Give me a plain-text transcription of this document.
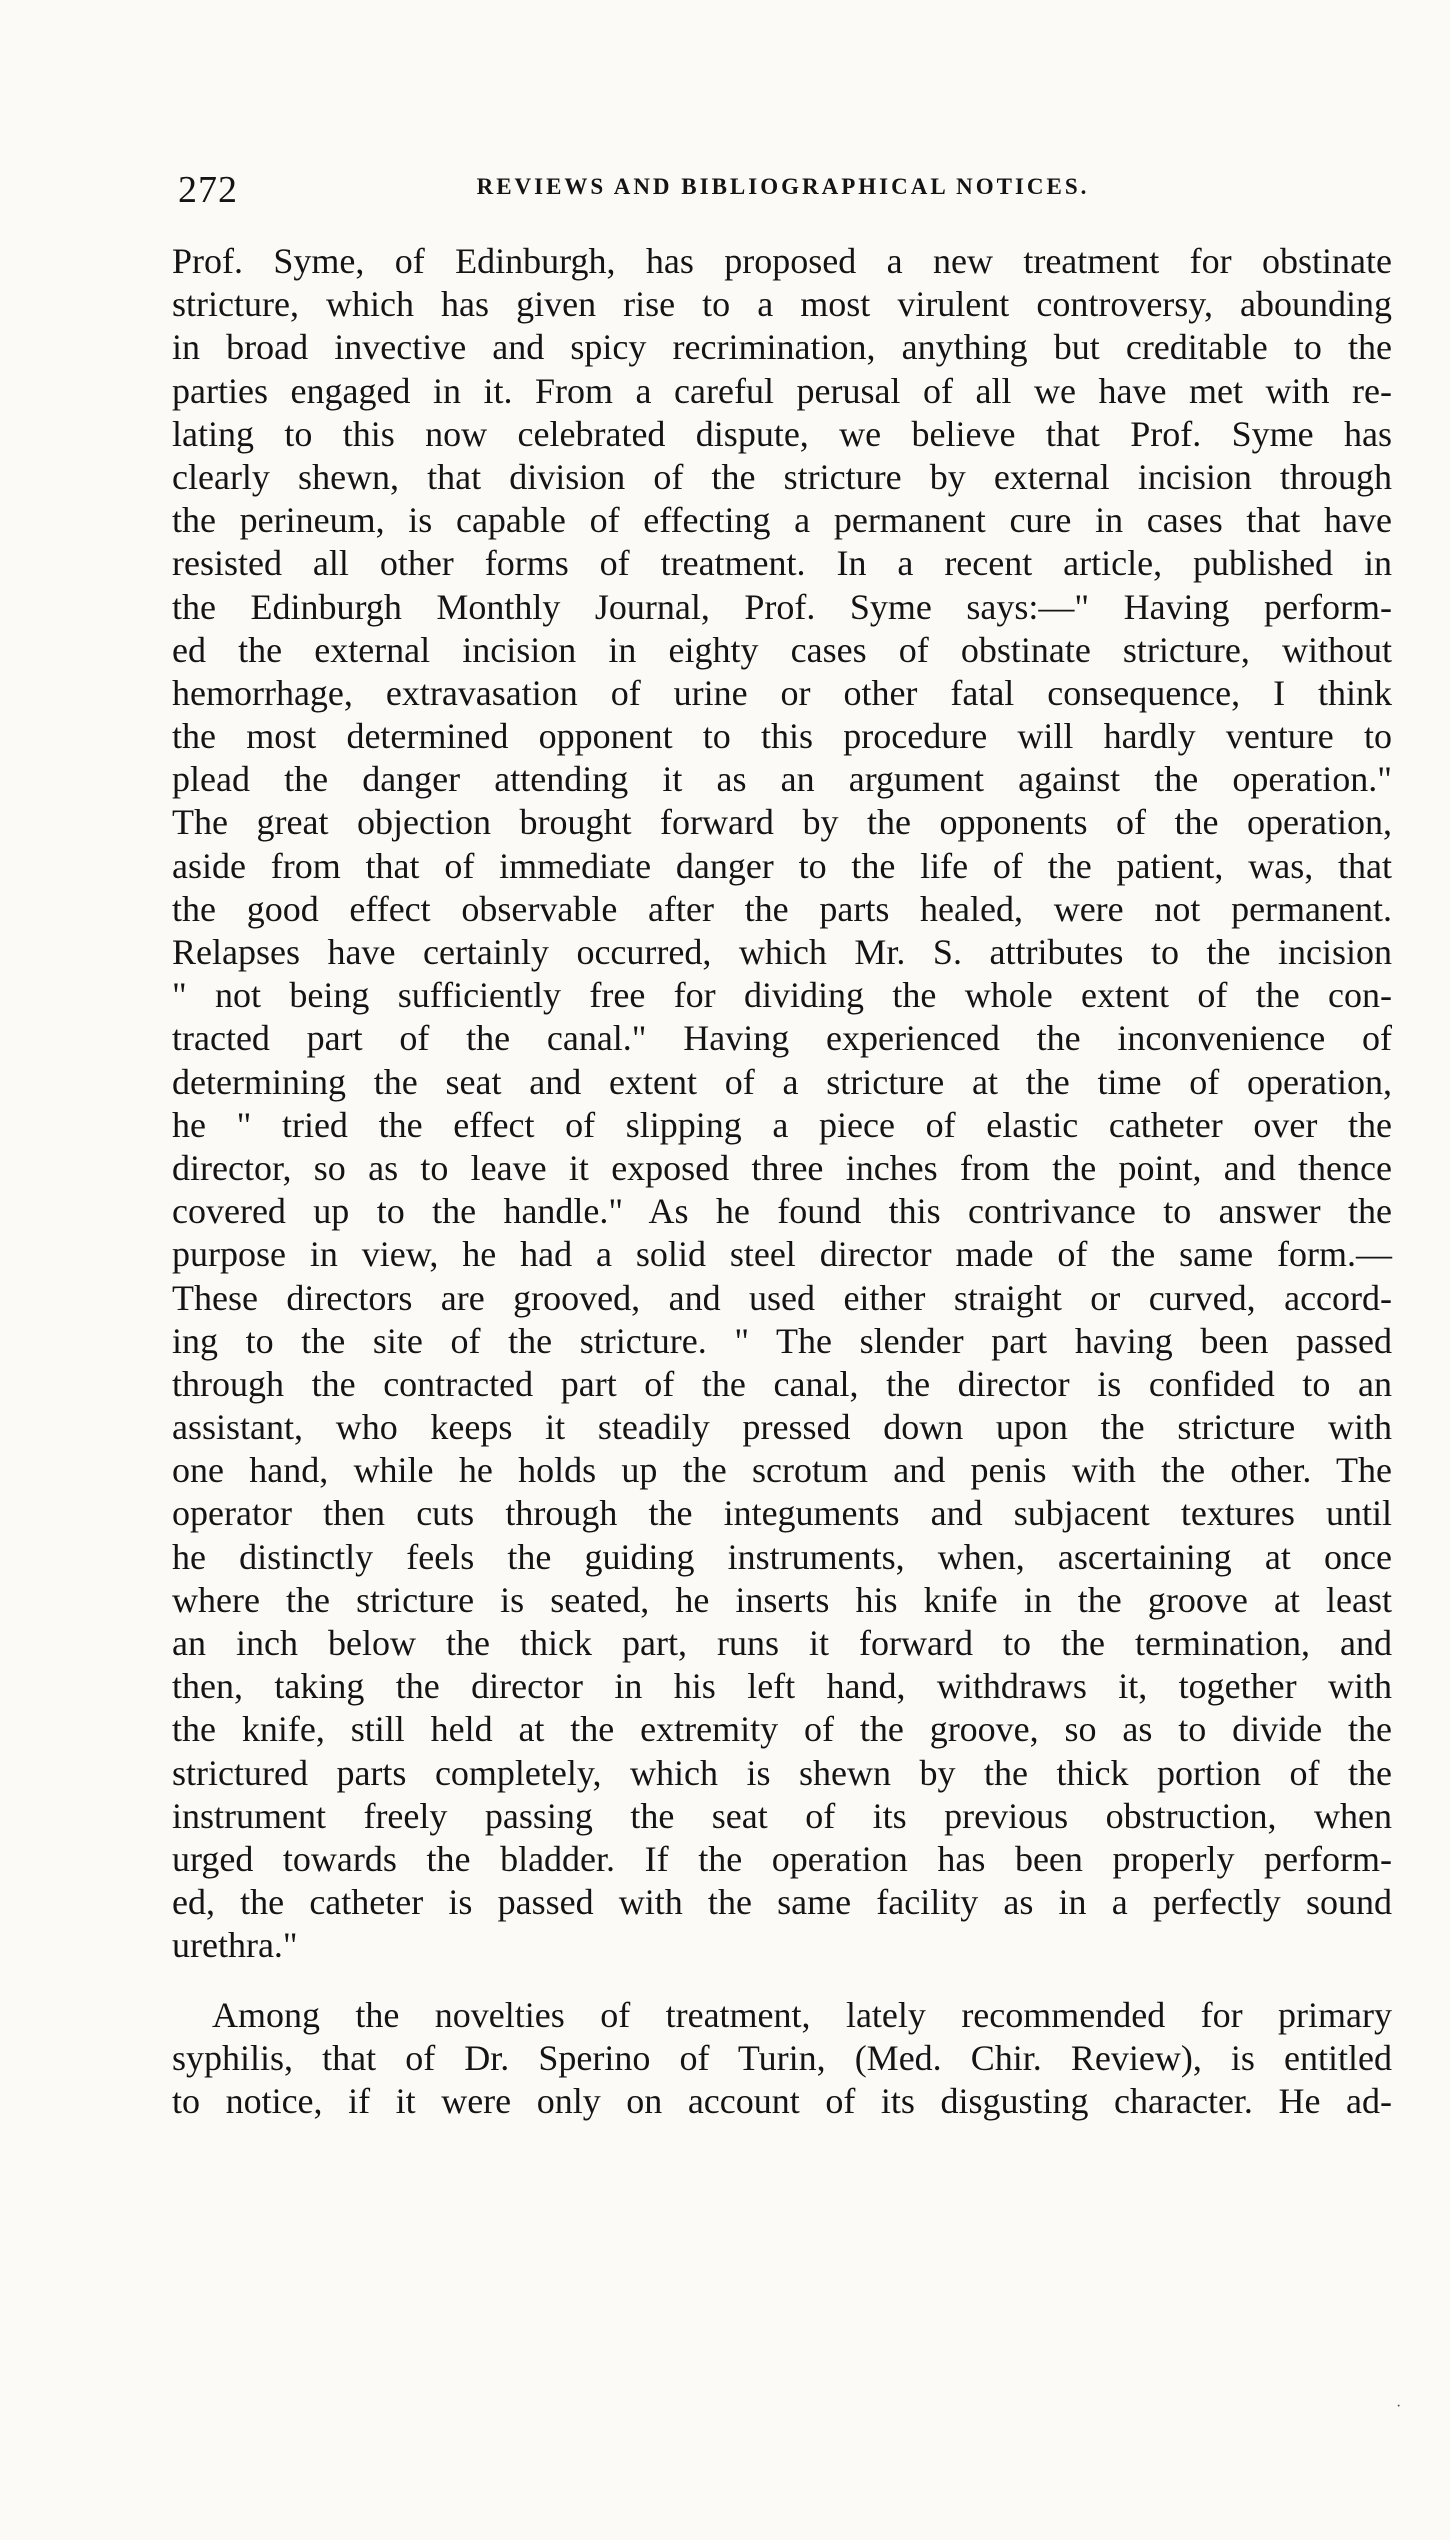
272	REVIEWS AND BIBLIOGRAPHICAL NOTICES.
Prof. Syme, of Edinburgh, has proposed a new treatment for obstinate
stricture, which has given rise to a most virulent controversy, abounding
in broad invective and spicy recrimination, anything but creditable to the
parties engaged in it. From a careful perusal of all we have met with re-
lating to this now celebrated dispute, we believe that Prof. Syme has
clearly shewn, that division of the stricture by external incision through
the perineum, is capable of effecting a permanent cure in cases that have
resisted all other forms of treatment. In a recent article, published in
the Edinburgh Monthly Journal, Prof. Syme says:—" Having perform-
ed the external incision in eighty cases of obstinate stricture, without
hemorrhage, extravasation of urine or other fatal consequence, I think
the most determined opponent to this procedure will hardly venture to
plead the danger attending it as an argument against the operation."
The great objection brought forward by the opponents of the operation,
aside from that of immediate danger to the life of the patient, was, that
the good effect observable after the parts healed, were not permanent.
Relapses have certainly occurred, which Mr. S. attributes to the incision
" not being sufficiently free for dividing the whole extent of the con-
tracted part of the canal." Having experienced the inconvenience of
determining the seat and extent of a stricture at the time of operation,
he " tried the effect of slipping a piece of elastic catheter over the
director, so as to leave it exposed three inches from the point, and thence
covered up to the handle." As he found this contrivance to answer the
purpose in view, he had a solid steel director made of the same form.—
These directors are grooved, and used either straight or curved, accord-
ing to the site of the stricture. " The slender part having been passed
through the contracted part of the canal, the director is confided to an
assistant, who keeps it steadily pressed down upon the stricture with
one hand, while he holds up the scrotum and penis with the other. The
operator then cuts through the integuments and subjacent textures until
he distinctly feels the guiding instruments, when, ascertaining at once
where the stricture is seated, he inserts his knife in the groove at least
an inch below the thick part, runs it forward to the termination, and
then, taking the director in his left hand, withdraws it, together with
the knife, still held at the extremity of the groove, so as to divide the
strictured parts completely, which is shewn by the thick portion of the
instrument freely passing the seat of its previous obstruction, when
urged towards the bladder. If the operation has been properly perform-
ed, the catheter is passed with the same facility as in a perfectly sound
urethra."
Among the novelties of treatment, lately recommended for primary
syphilis, that of Dr. Sperino of Turin, (Med. Chir. Review), is entitled
to notice, if it were only on account of its disgusting character. He ad-
·
